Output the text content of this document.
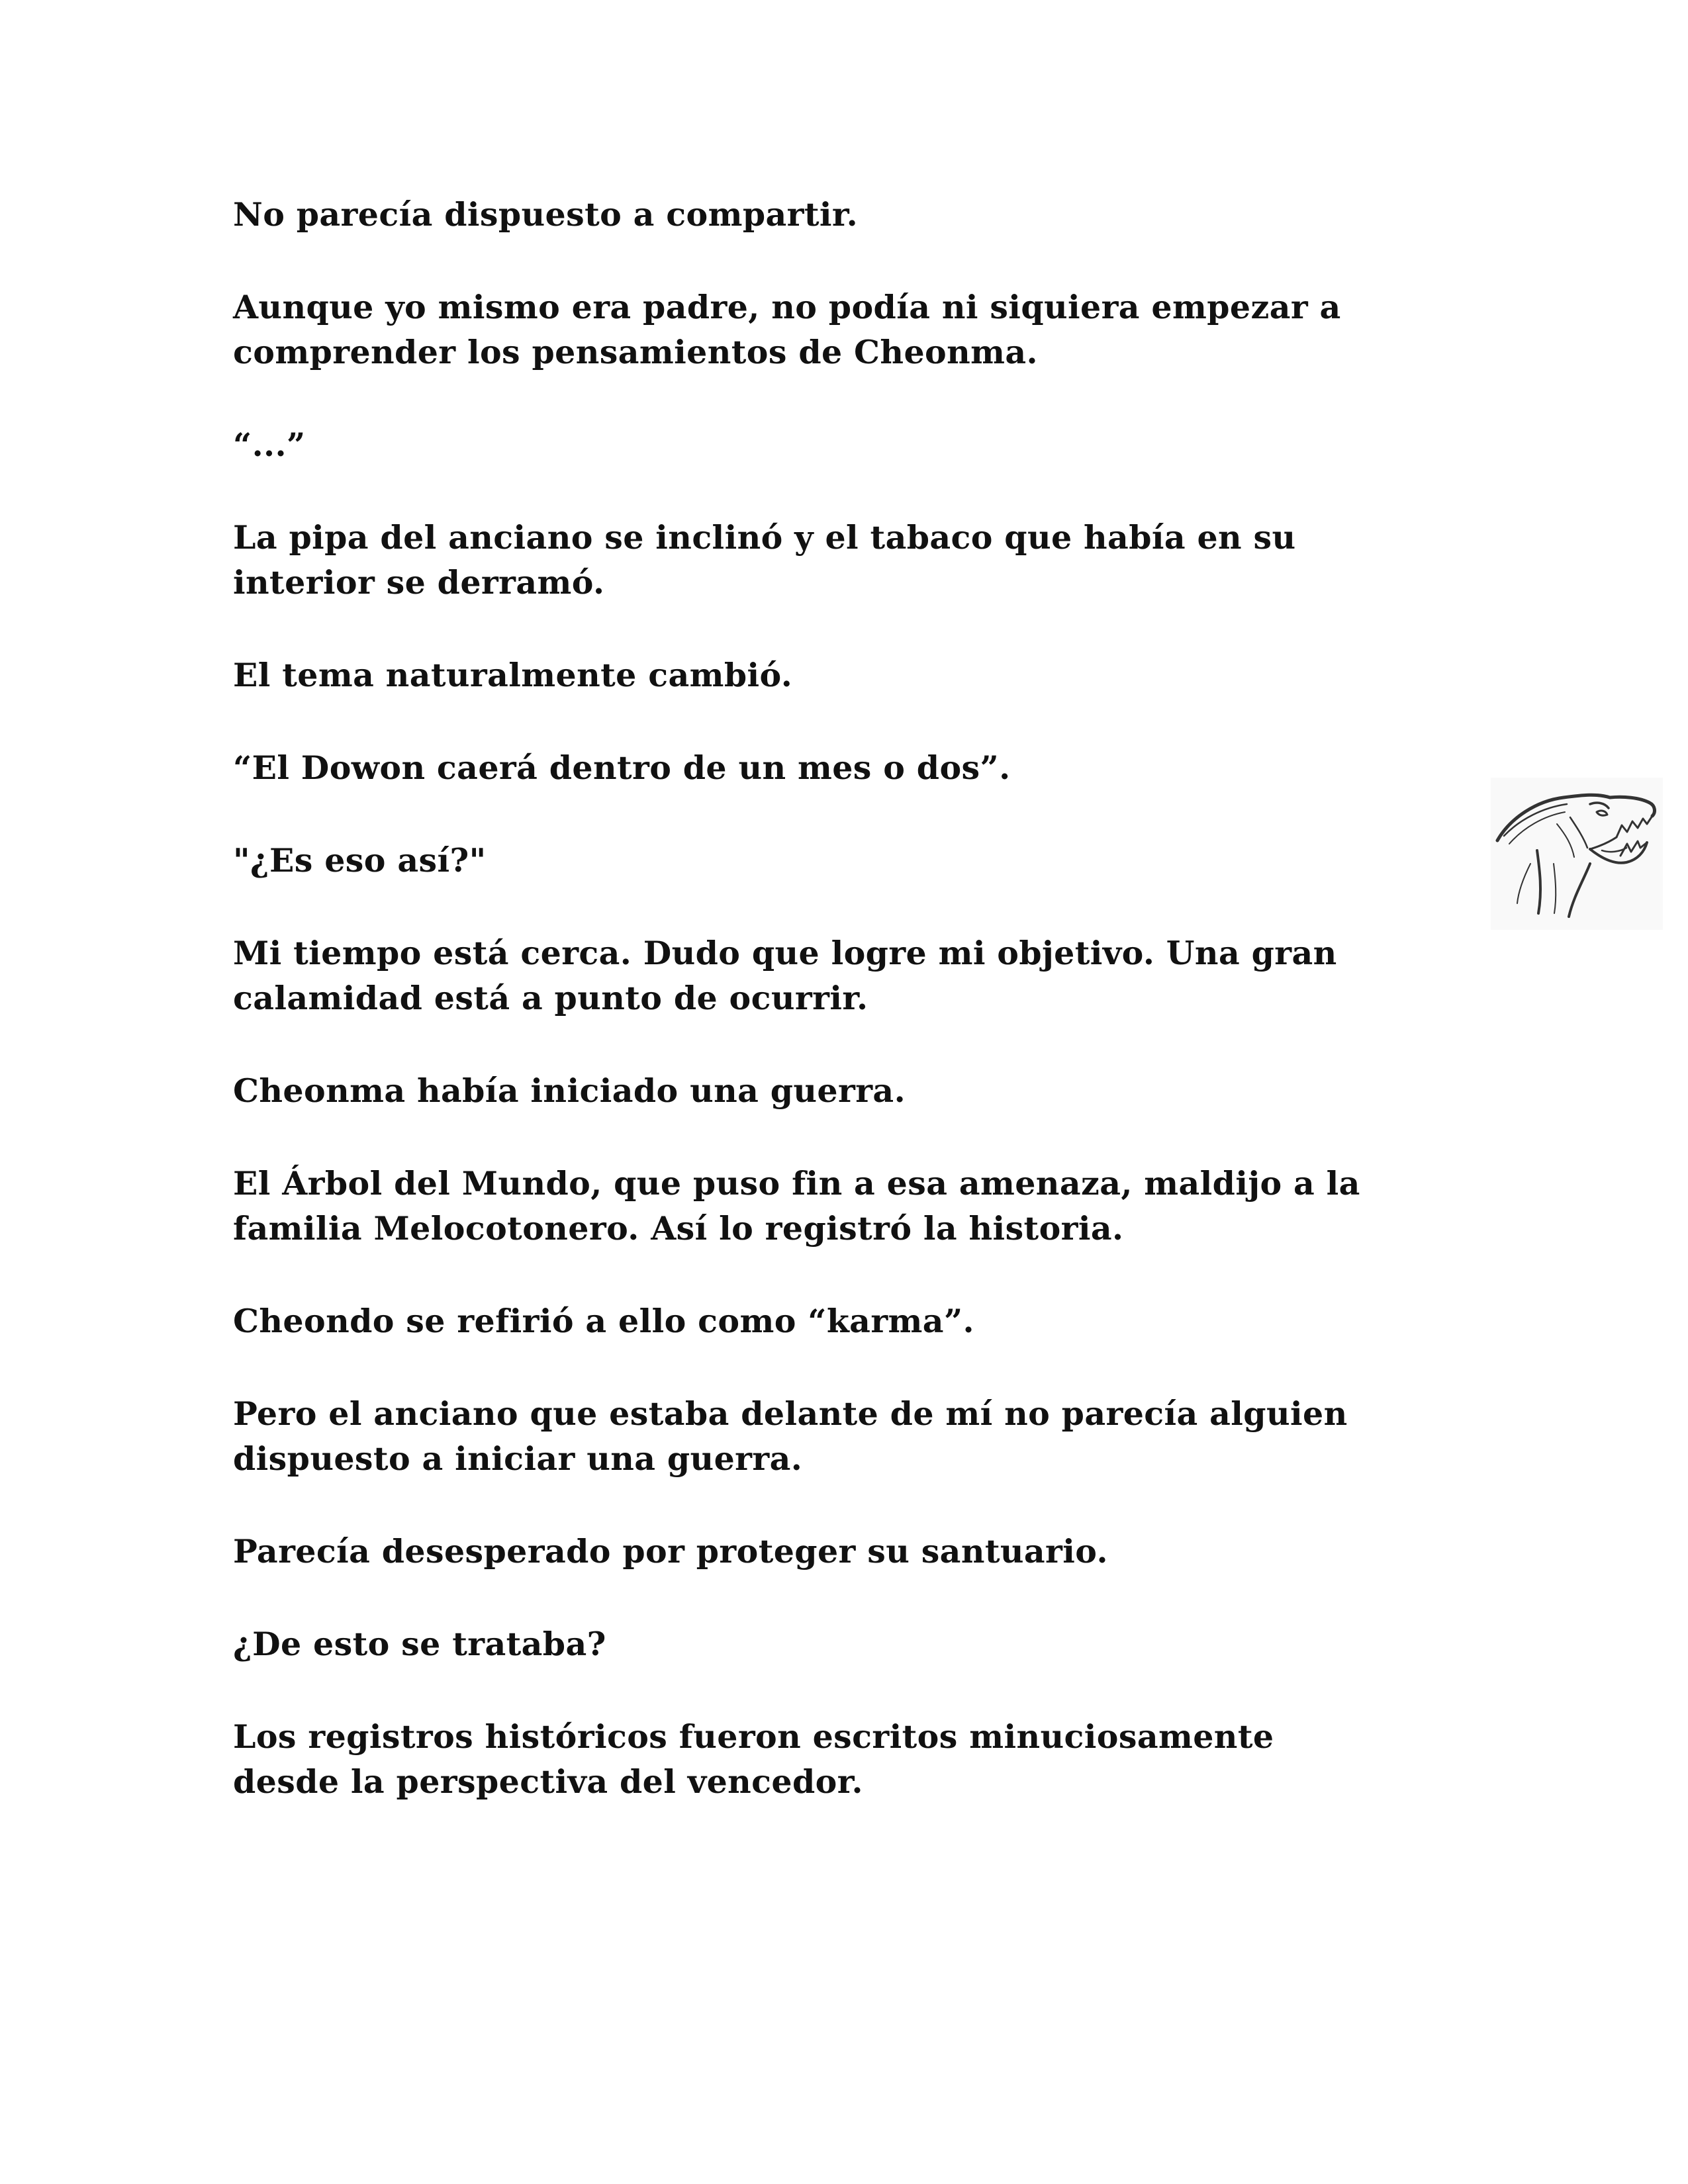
No parecía dispuesto a compartir.

Aunque yo mismo era padre, no podía ni siquiera empezar a
comprender los pensamientos de Cheonma.

“...”

La pipa del anciano se inclinó y el tabaco que había en su
interior se derramó.

El tema naturalmente cambió.

“El Dowon caerá dentro de un mes o dos”.

"¿Es eso así?"

Mi tiempo está cerca. Dudo que logre mi objetivo. Una gran
calamidad está a punto de ocurrir.

Cheonma había iniciado una guerra.

El Árbol del Mundo, que puso fin a esa amenaza, maldijo a la
familia Melocotonero. Así lo registró la historia.

Cheondo se refirió a ello como “karma”.

Pero el anciano que estaba delante de mí no parecía alguien
dispuesto a iniciar una guerra.

Parecía desesperado por proteger su santuario.

¿De esto se trataba?

Los registros históricos fueron escritos minuciosamente
desde la perspectiva del vencedor.
